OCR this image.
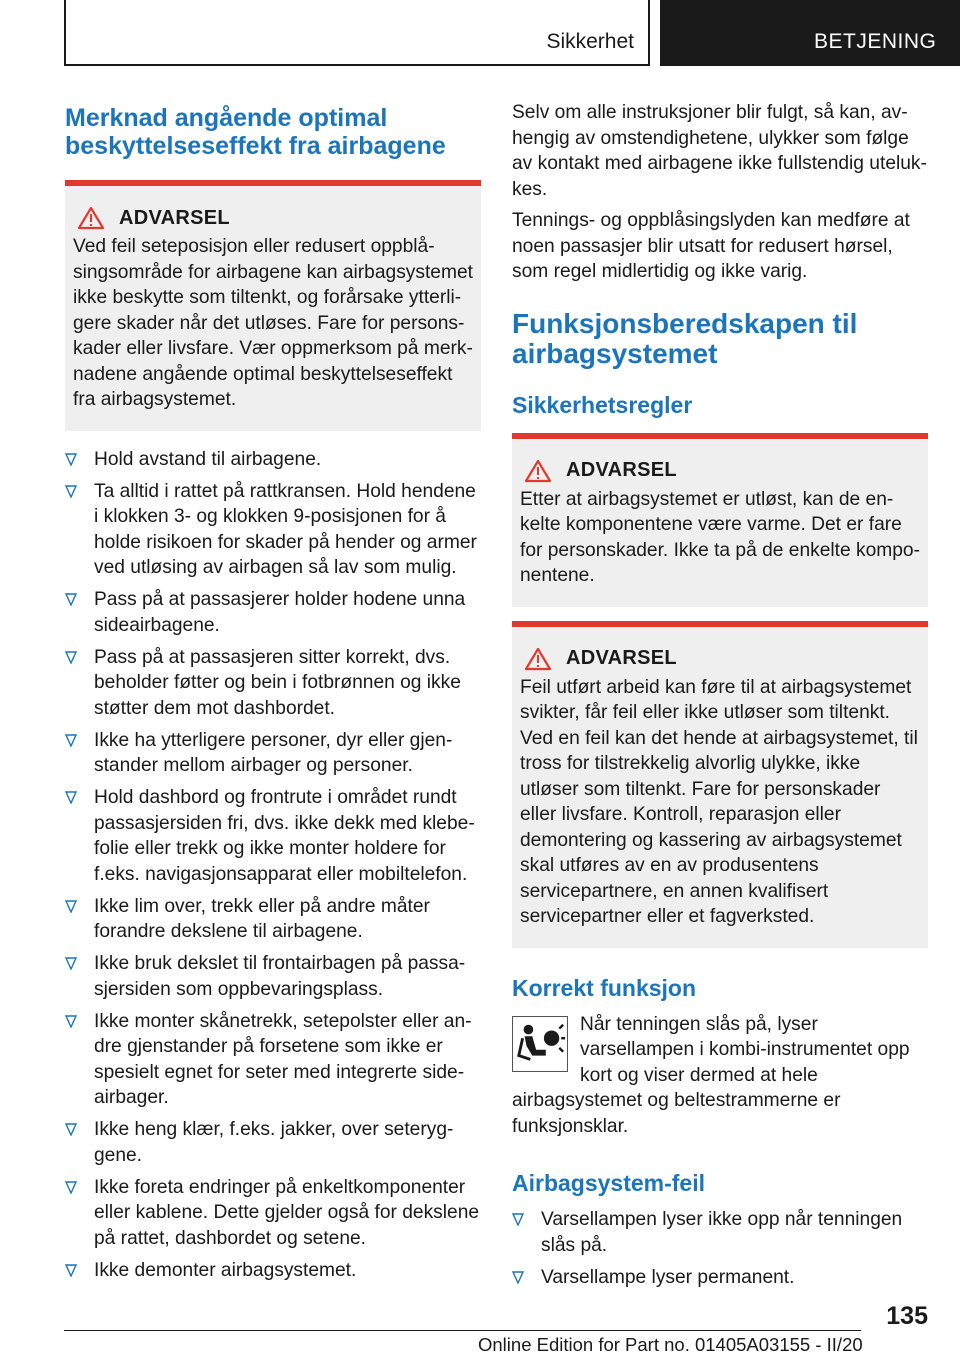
Sikkerhet	BETJENING
Merknad angående optimal beskyttelseseffekt fra airbagene
ADVARSEL

Ved feil seteposisjon eller redusert oppblåsingsområde for airbagene kan airbagsystemet ikke beskytte som tiltenkt, og forårsake ytterligere skader når det utløses. Fare for personskader eller livsfare. Vær oppmerksom på merknadene angående optimal beskyttelseseffekt fra airbagsystemet.

Hold avstand til airbagene.
Ta alltid i rattet på rattkransen. Hold hendene i klokken 3- og klokken 9-posisjonen for å holde risikoen for skader på hender og armer ved utløsing av airbagen så lav som mulig.
Pass på at passasjerer holder hodene unna sideairbagene.
Pass på at passasjeren sitter korrekt, dvs. beholder føtter og bein i fotbrønnen og ikke støtter dem mot dashbordet.
Ikke ha ytterligere personer, dyr eller gjenstander mellom airbager og personer.
Hold dashbord og frontrute i området rundt passasjersiden fri, dvs. ikke dekk med klebefolie eller trekk og ikke monter holdere for f.eks. navigasjonsapparat eller mobiltelefon.
Ikke lim over, trekk eller på andre måter forandre dekslene til airbagene.
Ikke bruk dekslet til frontairbagen på passasjersiden som oppbevaringsplass.
Ikke monter skånetrekk, setepolster eller andre gjenstander på forsetene som ikke er spesielt egnet for seter med integrerte sideairbager.
Ikke heng klær, f.eks. jakker, over seteryggene.
Ikke foreta endringer på enkeltkomponenter eller kablene. Dette gjelder også for dekslene på rattet, dashbordet og setene.
Ikke demonter airbagsystemet.

Selv om alle instruksjoner blir fulgt, så kan, avhengig av omstendighetene, ulykker som følge av kontakt med airbagene ikke fullstendig utelukkes.

Tennings- og oppblåsingslyden kan medføre at noen passasjer blir utsatt for redusert hørsel, som regel midlertidig og ikke varig.

Funksjonsberedskapen til airbagsystemet
Sikkerhetsregler
ADVARSEL

Etter at airbagsystemet er utløst, kan de enkelte komponentene være varme. Det er fare for personskader. Ikke ta på de enkelte komponentene.

ADVARSEL

Feil utført arbeid kan føre til at airbagsystemet svikter, får feil eller ikke utløser som tiltenkt. Ved en feil kan det hende at airbagsystemet, til tross for tilstrekkelig alvorlig ulykke, ikke utløser som tiltenkt. Fare for personskader eller livsfare. Kontroll, reparasjon eller demontering og kassering av airbagsystemet skal utføres av en av produsentens servicepartnere, en annen kvalifisert servicepartner eller et fagverksted.

Korrekt funksjon

Når tenningen slås på, lyser varsellampen i kombi-instrumentet opp kort og viser dermed at hele airbagsystemet og beltestrammerne er funksjonsklar.

Airbagsystem-feil
Varsellampen lyser ikke opp når tenningen slås på.
Varsellampe lyser permanent.
135
Online Edition for Part no. 01405A03155 - II/20
